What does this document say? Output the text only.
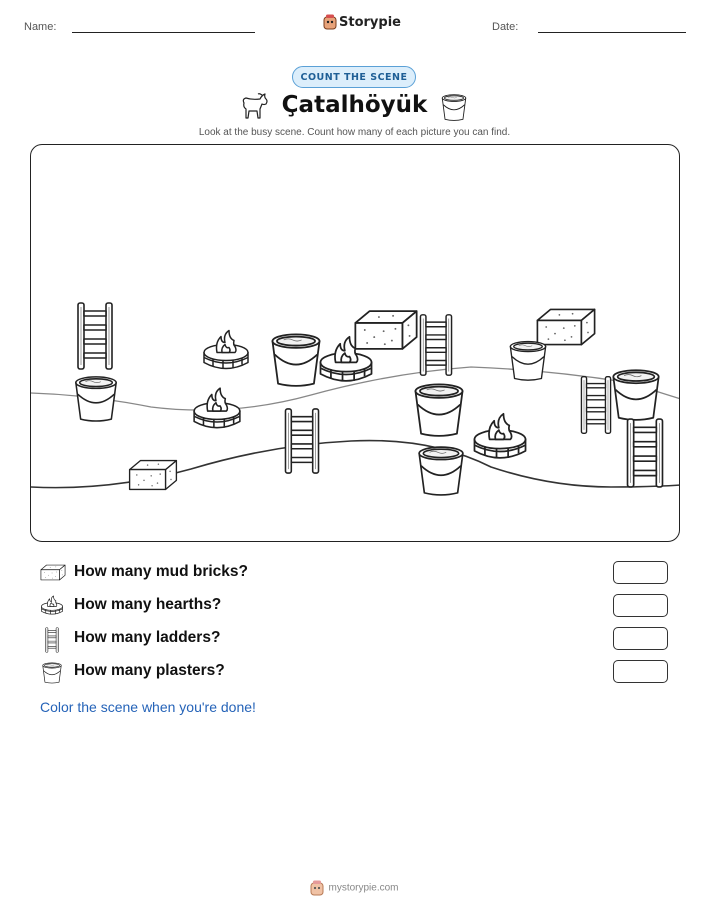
Name:	Storypie	Date:
COUNT THE SCENE
Çatalhöyük
Look at the busy scene. Count how many of each picture you can find.
How many mud bricks?
How many hearths?
How many ladders?
How many plasters?
Color the scene when you're done!
mystorypie.com
